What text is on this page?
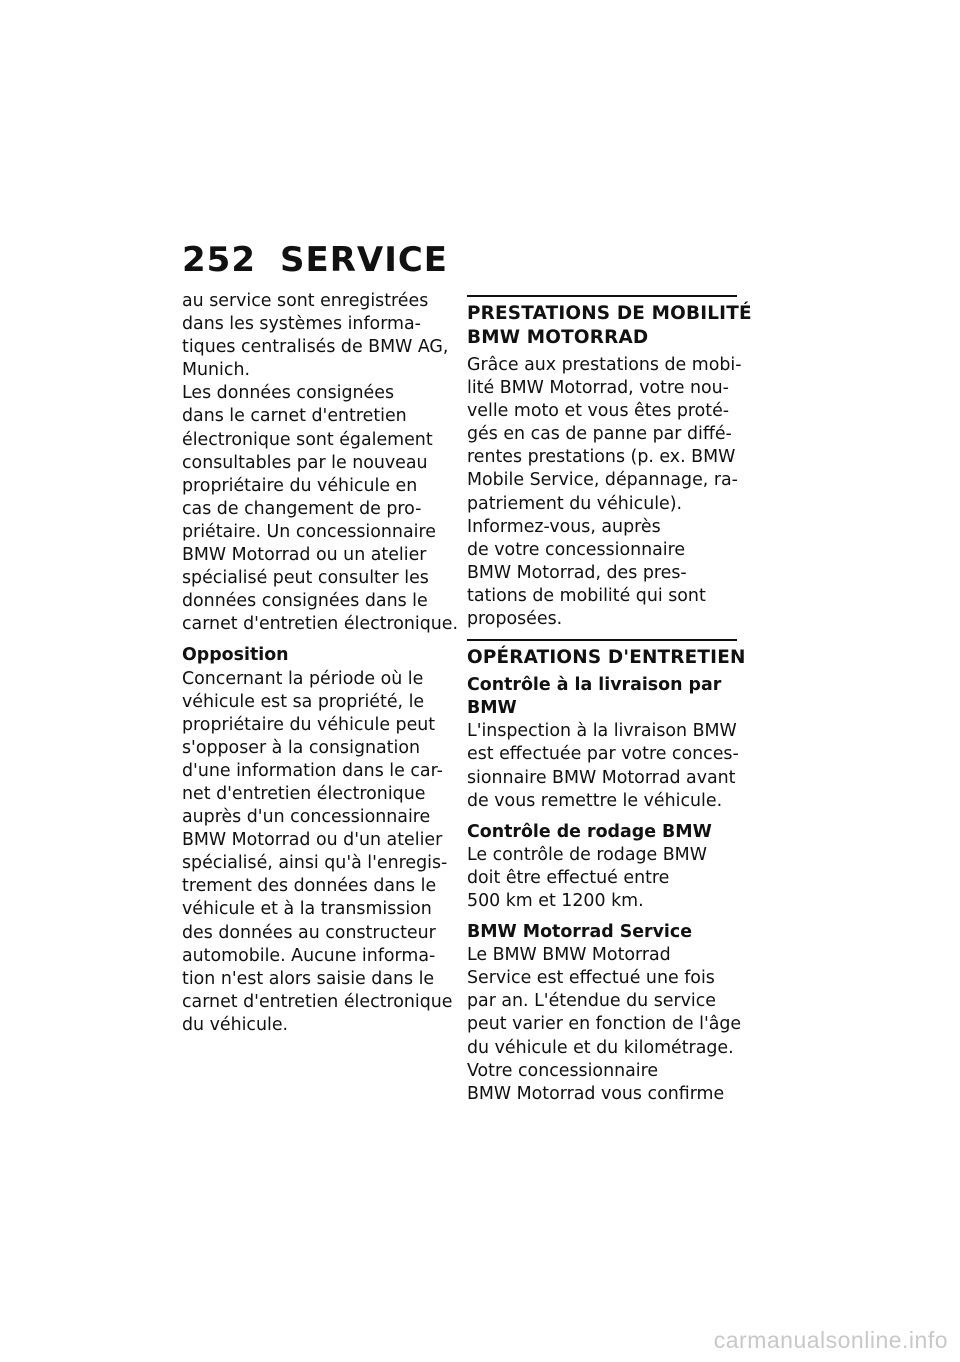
252 SERVICE
au service sont enregistrées
dans les systèmes informa-
tiques centralisés de BMW AG,
Munich.
Les données consignées
dans le carnet d'entretien
électronique sont également
consultables par le nouveau
propriétaire du véhicule en
cas de changement de pro-
priétaire. Un concessionnaire
BMW Motorrad ou un atelier
spécialisé peut consulter les
données consignées dans le
carnet d'entretien électronique.
Opposition
Concernant la période où le
véhicule est sa propriété, le
propriétaire du véhicule peut
s'opposer à la consignation
d'une information dans le car-
net d'entretien électronique
auprès d'un concessionnaire
BMW Motorrad ou d'un atelier
spécialisé, ainsi qu'à l'enregis-
trement des données dans le
véhicule et à la transmission
des données au constructeur
automobile. Aucune informa-
tion n'est alors saisie dans le
carnet d'entretien électronique
du véhicule.
PRESTATIONS DE MOBILITÉ
BMW MOTORRAD
Grâce aux prestations de mobi-
lité BMW Motorrad, votre nou-
velle moto et vous êtes proté-
gés en cas de panne par diffé-
rentes prestations (p. ex. BMW
Mobile Service, dépannage, ra-
patriement du véhicule).
Informez-vous, auprès
de votre concessionnaire
BMW Motorrad, des pres-
tations de mobilité qui sont
proposées.
OPÉRATIONS D'ENTRETIEN
Contrôle à la livraison par
BMW
L'inspection à la livraison BMW
est effectuée par votre conces-
sionnaire BMW Motorrad avant
de vous remettre le véhicule.
Contrôle de rodage BMW
Le contrôle de rodage BMW
doit être effectué entre
500 km et 1200 km.
BMW Motorrad Service
Le BMW BMW Motorrad
Service est effectué une fois
par an. L'étendue du service
peut varier en fonction de l'âge
du véhicule et du kilométrage.
Votre concessionnaire
BMW Motorrad vous confirme
carmanualsonline.info
